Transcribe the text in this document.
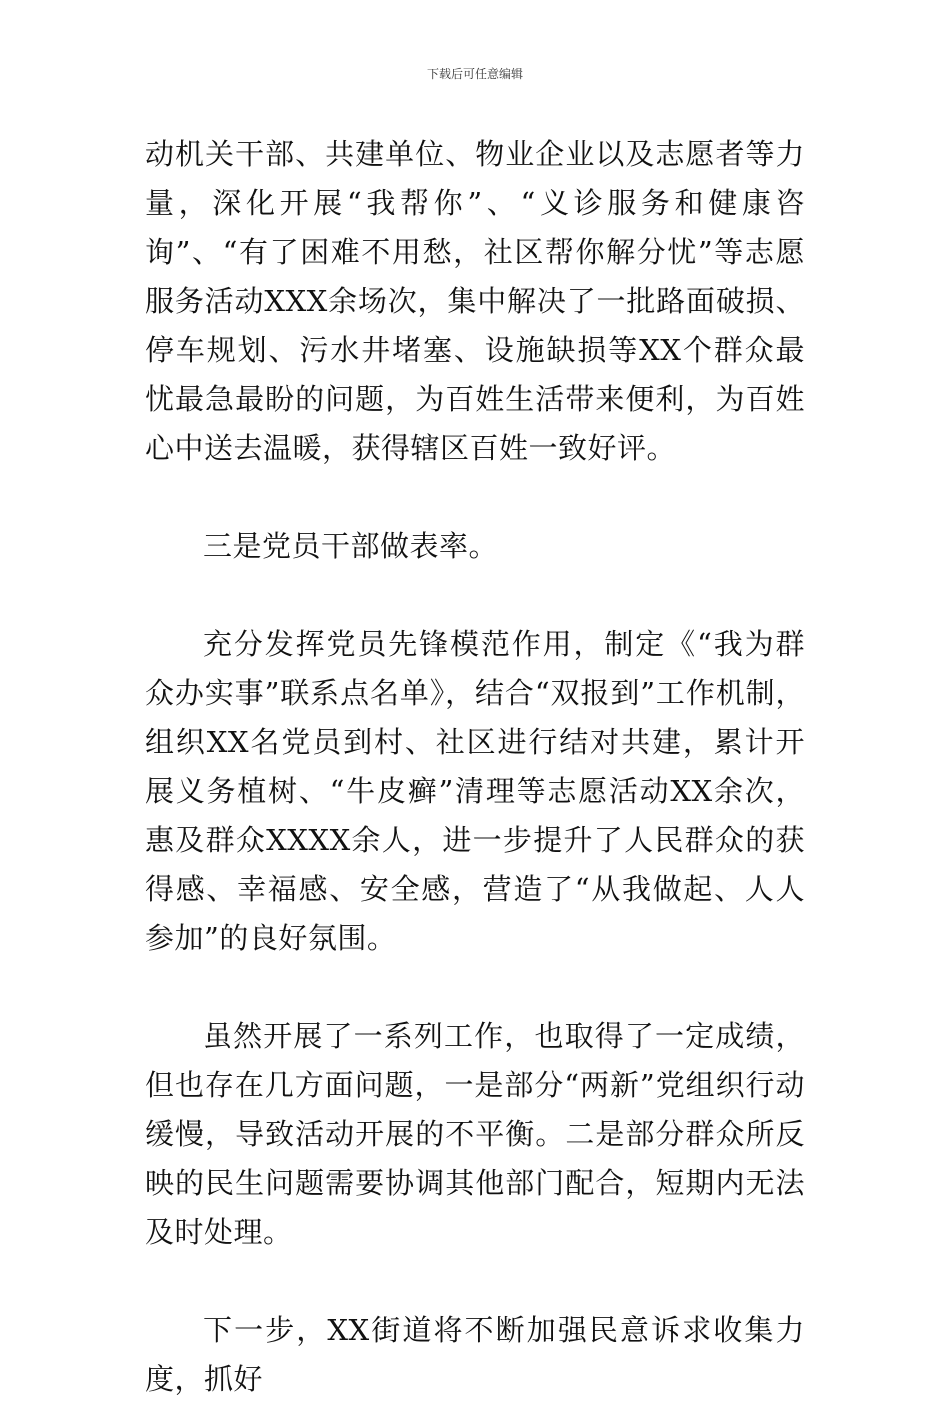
下载后可任意编辑

动机关干部、共建单位、物业企业以及志愿者等力量，深化开展“我帮你”、“义诊服务和健康咨询”、“有了困难不用愁，社区帮你解分忧”等志愿服务活动XXX余场次，集中解决了一批路面破损、停车规划、污水井堵塞、设施缺损等XX个群众最忧最急最盼的问题，为百姓生活带来便利，为百姓心中送去温暖，获得辖区百姓一致好评。

三是党员干部做表率。

充分发挥党员先锋模范作用，制定《“我为群众办实事”联系点名单》，结合“双报到”工作机制，组织XX名党员到村、社区进行结对共建，累计开展义务植树、“牛皮癣”清理等志愿活动XX余次，惠及群众XXXX余人，进一步提升了人民群众的获得感、幸福感、安全感，营造了“从我做起、人人参加”的良好氛围。

虽然开展了一系列工作，也取得了一定成绩，但也存在几方面问题，一是部分“两新”党组织行动缓慢，导致活动开展的不平衡。二是部分群众所反映的民生问题需要协调其他部门配合，短期内无法及时处理。

下一步，XX街道将不断加强民意诉求收集力度，抓好
